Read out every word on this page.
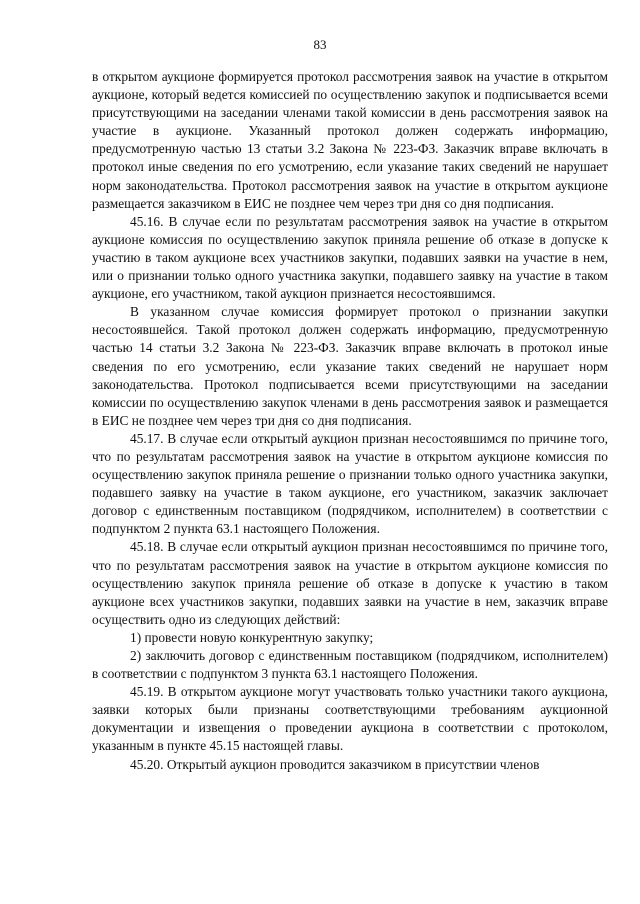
83

в открытом аукционе формируется протокол рассмотрения заявок на участие в открытом аукционе, который ведется комиссией по осуществлению закупок и подписывается всеми присутствующими на заседании членами такой комиссии в день рассмотрения заявок на участие в аукционе. Указанный протокол должен содержать информацию, предусмотренную частью 13 статьи 3.2 Закона № 223-ФЗ. Заказчик вправе включать в протокол иные сведения по его усмотрению, если указание таких сведений не нарушает норм законодательства. Протокол рассмотрения заявок на участие в открытом аукционе размещается заказчиком в ЕИС не позднее чем через три дня со дня подписания.

45.16. В случае если по результатам рассмотрения заявок на участие в открытом аукционе комиссия по осуществлению закупок приняла решение об отказе в допуске к участию в таком аукционе всех участников закупки, подавших заявки на участие в нем, или о признании только одного участника закупки, подавшего заявку на участие в таком аукционе, его участником, такой аукцион признается несостоявшимся.

В указанном случае комиссия формирует протокол о признании закупки несостоявшейся. Такой протокол должен содержать информацию, предусмотренную частью 14 статьи 3.2 Закона № 223-ФЗ. Заказчик вправе включать в протокол иные сведения по его усмотрению, если указание таких сведений не нарушает норм законодательства. Протокол подписывается всеми присутствующими на заседании комиссии по осуществлению закупок членами в день рассмотрения заявок и размещается в ЕИС не позднее чем через три дня со дня подписания.

45.17. В случае если открытый аукцион признан несостоявшимся по причине того, что по результатам рассмотрения заявок на участие в открытом аукционе комиссия по осуществлению закупок приняла решение о признании только одного участника закупки, подавшего заявку на участие в таком аукционе, его участником, заказчик заключает договор с единственным поставщиком (подрядчиком, исполнителем) в соответствии с подпунктом 2 пункта 63.1 настоящего Положения.

45.18. В случае если открытый аукцион признан несостоявшимся по причине того, что по результатам рассмотрения заявок на участие в открытом аукционе комиссия по осуществлению закупок приняла решение об отказе в допуске к участию в таком аукционе всех участников закупки, подавших заявки на участие в нем, заказчик вправе осуществить одно из следующих действий:

1) провести новую конкурентную закупку;

2) заключить договор с единственным поставщиком (подрядчиком, исполнителем) в соответствии с подпунктом 3 пункта 63.1 настоящего Положения.

45.19. В открытом аукционе могут участвовать только участники такого аукциона, заявки которых были признаны соответствующими требованиям аукционной документации и извещения о проведении аукциона в соответствии с протоколом, указанным в пункте 45.15 настоящей главы.

45.20. Открытый аукцион проводится заказчиком в присутствии членов
